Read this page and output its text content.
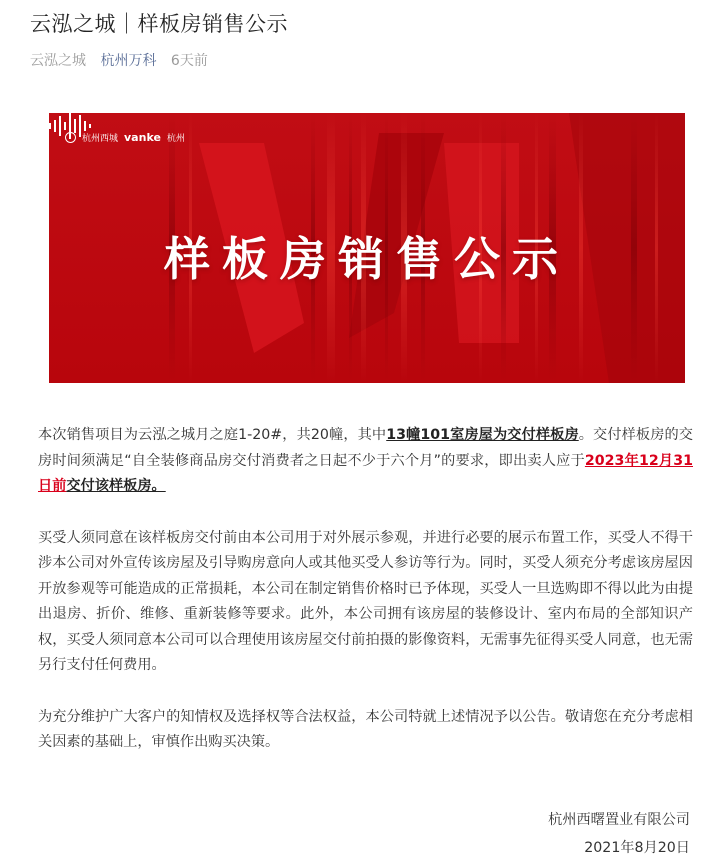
云泓之城｜样板房销售公示
云泓之城 杭州万科 6天前
杭州西城 vanke 杭州
样板房销售公示

本次销售项目为云泓之城月之庭1-20#，共20幢，其中13幢101室房屋为交付样板房。交付样板房的交房时间须满足“自全装修商品房交付消费者之日起不少于六个月”的要求，即出卖人应于2023年12月31日前交付该样板房。

买受人须同意在该样板房交付前由本公司用于对外展示参观，并进行必要的展示布置工作，买受人不得干涉本公司对外宣传该房屋及引导购房意向人或其他买受人参访等行为。同时，买受人须充分考虑该房屋因开放参观等可能造成的正常损耗，本公司在制定销售价格时已予体现，买受人一旦选购即不得以此为由提出退房、折价、维修、重新装修等要求。此外，本公司拥有该房屋的装修设计、室内布局的全部知识产权，买受人须同意本公司可以合理使用该房屋交付前拍摄的影像资料，无需事先征得买受人同意，也无需另行支付任何费用。

为充分维护广大客户的知情权及选择权等合法权益，本公司特就上述情况予以公告。敬请您在充分考虑相关因素的基础上，审慎作出购买决策。

杭州西曙置业有限公司
2021年8月20日
